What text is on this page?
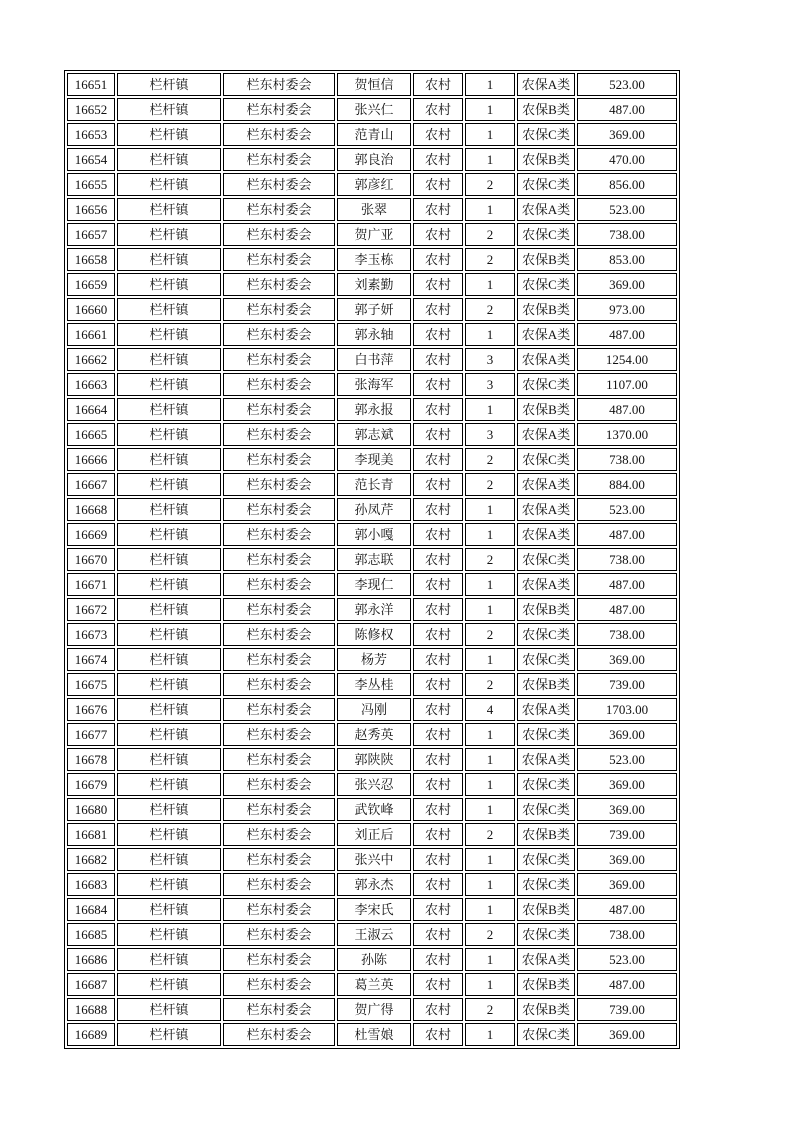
16651	栏杆镇	栏东村委会	贺恒信	农村	1	农保A类	523.00
16652	栏杆镇	栏东村委会	张兴仁	农村	1	农保B类	487.00
16653	栏杆镇	栏东村委会	范青山	农村	1	农保C类	369.00
16654	栏杆镇	栏东村委会	郭良治	农村	1	农保B类	470.00
16655	栏杆镇	栏东村委会	郭彦红	农村	2	农保C类	856.00
16656	栏杆镇	栏东村委会	张翠	农村	1	农保A类	523.00
16657	栏杆镇	栏东村委会	贺广亚	农村	2	农保C类	738.00
16658	栏杆镇	栏东村委会	李玉栋	农村	2	农保B类	853.00
16659	栏杆镇	栏东村委会	刘素勤	农村	1	农保C类	369.00
16660	栏杆镇	栏东村委会	郭子妍	农村	2	农保B类	973.00
16661	栏杆镇	栏东村委会	郭永轴	农村	1	农保A类	487.00
16662	栏杆镇	栏东村委会	白书萍	农村	3	农保A类	1254.00
16663	栏杆镇	栏东村委会	张海军	农村	3	农保C类	1107.00
16664	栏杆镇	栏东村委会	郭永报	农村	1	农保B类	487.00
16665	栏杆镇	栏东村委会	郭志斌	农村	3	农保A类	1370.00
16666	栏杆镇	栏东村委会	李现美	农村	2	农保C类	738.00
16667	栏杆镇	栏东村委会	范长青	农村	2	农保A类	884.00
16668	栏杆镇	栏东村委会	孙凤芹	农村	1	农保A类	523.00
16669	栏杆镇	栏东村委会	郭小嘎	农村	1	农保A类	487.00
16670	栏杆镇	栏东村委会	郭志联	农村	2	农保C类	738.00
16671	栏杆镇	栏东村委会	李现仁	农村	1	农保A类	487.00
16672	栏杆镇	栏东村委会	郭永洋	农村	1	农保B类	487.00
16673	栏杆镇	栏东村委会	陈修权	农村	2	农保C类	738.00
16674	栏杆镇	栏东村委会	杨芳	农村	1	农保C类	369.00
16675	栏杆镇	栏东村委会	李丛桂	农村	2	农保B类	739.00
16676	栏杆镇	栏东村委会	冯刚	农村	4	农保A类	1703.00
16677	栏杆镇	栏东村委会	赵秀英	农村	1	农保C类	369.00
16678	栏杆镇	栏东村委会	郭陕陕	农村	1	农保A类	523.00
16679	栏杆镇	栏东村委会	张兴忍	农村	1	农保C类	369.00
16680	栏杆镇	栏东村委会	武钦峰	农村	1	农保C类	369.00
16681	栏杆镇	栏东村委会	刘正后	农村	2	农保B类	739.00
16682	栏杆镇	栏东村委会	张兴中	农村	1	农保C类	369.00
16683	栏杆镇	栏东村委会	郭永杰	农村	1	农保C类	369.00
16684	栏杆镇	栏东村委会	李宋氏	农村	1	农保B类	487.00
16685	栏杆镇	栏东村委会	王淑云	农村	2	农保C类	738.00
16686	栏杆镇	栏东村委会	孙陈	农村	1	农保A类	523.00
16687	栏杆镇	栏东村委会	葛兰英	农村	1	农保B类	487.00
16688	栏杆镇	栏东村委会	贺广得	农村	2	农保B类	739.00
16689	栏杆镇	栏东村委会	杜雪娘	农村	1	农保C类	369.00
